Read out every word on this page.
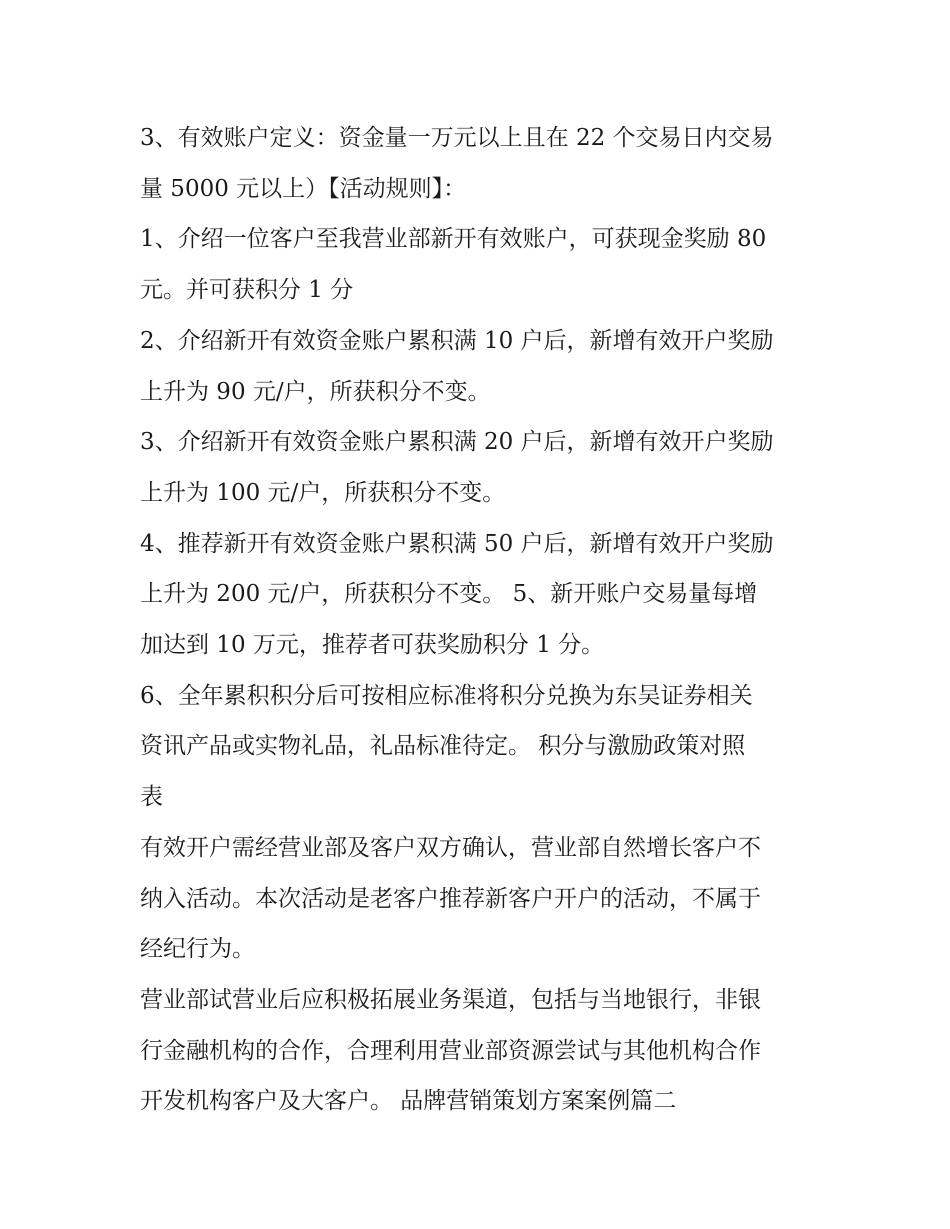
3、有效账户定义：资金量一万元以上且在 22 个交易日内交易
量 5000 元以上）【活动规则】：
1、介绍一位客户至我营业部新开有效账户，可获现金奖励 80
元。并可获积分 1 分
2、介绍新开有效资金账户累积满 10 户后，新增有效开户奖励
上升为 90 元/户，所获积分不变。
3、介绍新开有效资金账户累积满 20 户后，新增有效开户奖励
上升为 100 元/户，所获积分不变。
4、推荐新开有效资金账户累积满 50 户后，新增有效开户奖励
上升为 200 元/户，所获积分不变。 5、新开账户交易量每增
加达到 10 万元，推荐者可获奖励积分 1 分。
6、全年累积积分后可按相应标准将积分兑换为东吴证券相关
资讯产品或实物礼品，礼品标准待定。 积分与激励政策对照
表
有效开户需经营业部及客户双方确认，营业部自然增长客户不
纳入活动。本次活动是老客户推荐新客户开户的活动，不属于
经纪行为。
营业部试营业后应积极拓展业务渠道，包括与当地银行，非银
行金融机构的合作，合理利用营业部资源尝试与其他机构合作
开发机构客户及大客户。 品牌营销策划方案案例篇二
